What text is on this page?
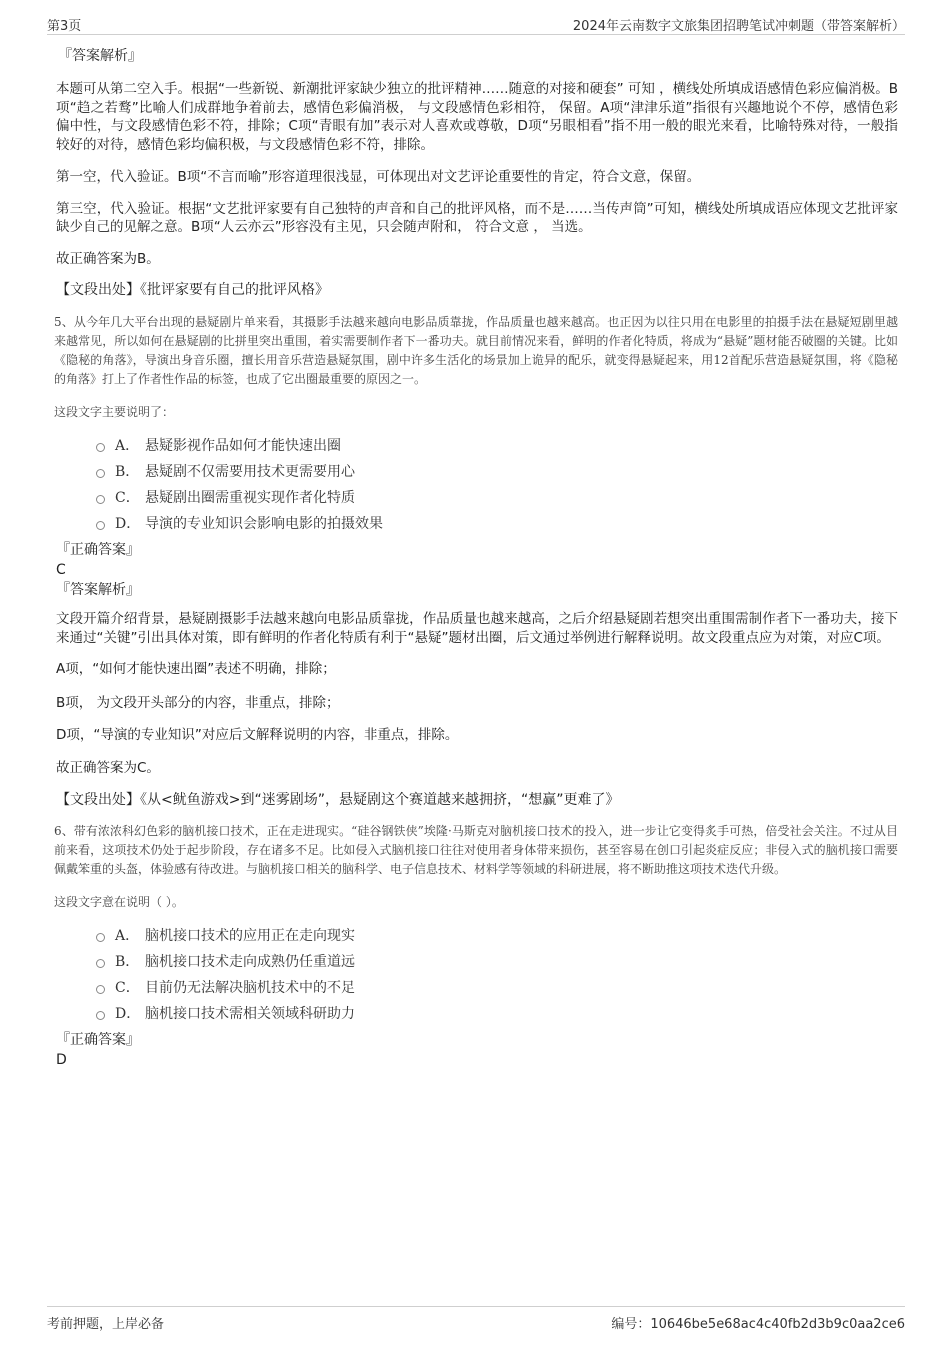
第3页	2024年云南数字文旅集团招聘笔试冲刺题（带答案解析）
『答案解析』

本题可从第二空入手。根据“一些新锐、新潮批评家缺少独立的批评精神……随意的对接和硬套” 可知 ，横线处所填成语感情色彩应偏消极。B项“趋之若鹜”比喻人们成群地争着前去，感情色彩偏消极， 与文段感情色彩相符， 保留。A项“津津乐道”指很有兴趣地说个不停，感情色彩偏中性，与文段感情色彩不符，排除；C项“青眼有加”表示对人喜欢或尊敬，D项“另眼相看”指不用一般的眼光来看，比喻特殊对待，一般指较好的对待，感情色彩均偏积极，与文段感情色彩不符，排除。

第一空，代入验证。B项“不言而喻”形容道理很浅显，可体现出对文艺评论重要性的肯定，符合文意，保留。

第三空，代入验证。根据“文艺批评家要有自己独特的声音和自己的批评风格，而不是……当传声筒”可知，横线处所填成语应体现文艺批评家缺少自己的见解之意。B项“人云亦云”形容没有主见，只会随声附和， 符合文意 ， 当选。

故正确答案为B。

【文段出处】《批评家要有自己的批评风格》

5、从今年几大平台出现的悬疑剧片单来看，其摄影手法越来越向电影品质靠拢，作品质量也越来越高。也正因为以往只用在电影里的拍摄手法在悬疑短剧里越来越常见，所以如何在悬疑剧的比拼里突出重围，着实需要制作者下一番功夫。就目前情况来看，鲜明的作者化特质，将成为“悬疑”题材能否破圈的关键。比如《隐秘的角落》，导演出身音乐圈，擅长用音乐营造悬疑氛围，剧中许多生活化的场景加上诡异的配乐，就变得悬疑起来，用12首配乐营造悬疑氛围，将《隐秘的角落》打上了作者性作品的标签，也成了它出圈最重要的原因之一。

这段文字主要说明了：
A． 悬疑影视作品如何才能快速出圈
B． 悬疑剧不仅需要用技术更需要用心
C． 悬疑剧出圈需重视实现作者化特质
D． 导演的专业知识会影响电影的拍摄效果
『正确答案』
C
『答案解析』

文段开篇介绍背景，悬疑剧摄影手法越来越向电影品质靠拢，作品质量也越来越高，之后介绍悬疑剧若想突出重围需制作者下一番功夫，接下来通过“关键”引出具体对策，即有鲜明的作者化特质有利于“悬疑”题材出圈，后文通过举例进行解释说明。故文段重点应为对策，对应C项。

A项，“如何才能快速出圈”表述不明确，排除；

B项， 为文段开头部分的内容，非重点，排除；

D项，“导演的专业知识”对应后文解释说明的内容，非重点，排除。

故正确答案为C。

【文段出处】《从<鱿鱼游戏>到“迷雾剧场”，悬疑剧这个赛道越来越拥挤，“想赢”更难了》

6、带有浓浓科幻色彩的脑机接口技术，正在走进现实。“硅谷钢铁侠”埃隆·马斯克对脑机接口技术的投入，进一步让它变得炙手可热，倍受社会关注。不过从目前来看，这项技术仍处于起步阶段，存在诸多不足。比如侵入式脑机接口往往对使用者身体带来损伤，甚至容易在创口引起炎症反应；非侵入式的脑机接口需要佩戴笨重的头盔，体验感有待改进。与脑机接口相关的脑科学、电子信息技术、材料学等领域的科研进展，将不断助推这项技术迭代升级。

这段文字意在说明（ ）。
A． 脑机接口技术的应用正在走向现实
B． 脑机接口技术走向成熟仍任重道远
C． 目前仍无法解决脑机技术中的不足
D． 脑机接口技术需相关领域科研助力
『正确答案』
D
考前押题，上岸必备	编号：10646be5e68ac4c40fb2d3b9c0aa2ce6
